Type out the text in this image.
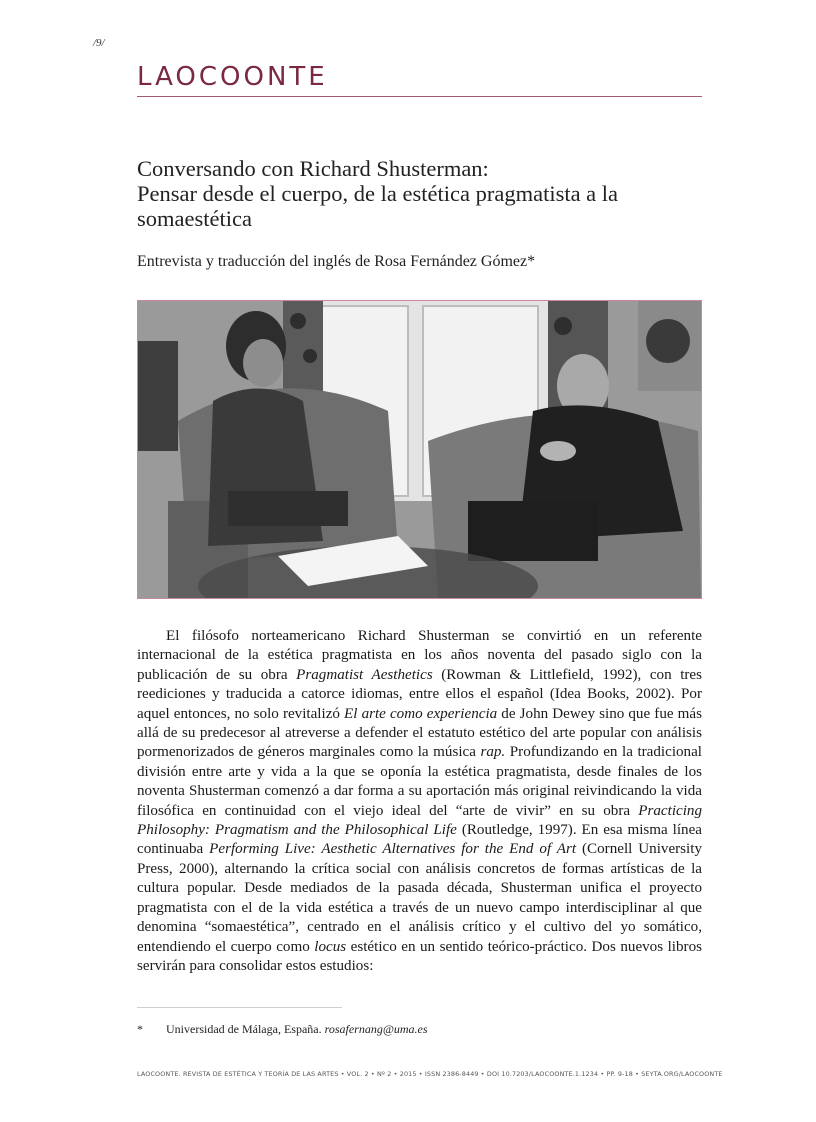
/9/
LAOCOONTE
Conversando con Richard Shusterman:
Pensar desde el cuerpo, de la estética pragmatista a la
somaestética
Entrevista y traducción del inglés de Rosa Fernández Gómez*

El filósofo norteamericano Richard Shusterman se convirtió en un referente internacional de la estética pragmatista en los años noventa del pasado siglo con la publicación de su obra Pragmatist Aesthetics (Rowman & Littlefield, 1992), con tres reediciones y traducida a catorce idiomas, entre ellos el español (Idea Books, 2002). Por aquel entonces, no solo revitalizó El arte como experiencia de John Dewey sino que fue más allá de su predecesor al atreverse a defender el estatuto estético del arte popular con análisis pormenorizados de géneros marginales como la música rap. Profundizando en la tradicional división entre arte y vida a la que se oponía la estética pragmatista, desde finales de los noventa Shusterman comenzó a dar forma a su aportación más original reivindicando la vida filosófica en continuidad con el viejo ideal del “arte de vivir” en su obra Practicing Philosophy: Pragmatism and the Philosophical Life (Routledge, 1997). En esa misma línea continuaba Performing Live: Aesthetic Alternatives for the End of Art (Cornell University Press, 2000), alternando la crítica social con análisis concretos de formas artísticas de la cultura popular. Desde mediados de la pasada década, Shusterman unifica el proyecto pragmatista con el de la vida estética a través de un nuevo campo interdisciplinar al que denomina “somaestética”, centrado en el análisis crítico y el cultivo del yo somático, entendiendo el cuerpo como locus estético en un sentido teórico-práctico. Dos nuevos libros servirán para consolidar estos estudios:

* Universidad de Málaga, España. rosafernang@uma.es
LAOCOONTE. REVISTA DE ESTÉTICA Y TEORÍA DE LAS ARTES • VOL. 2 • Nº 2 • 2015 • ISSN 2386-8449 • DOI 10.7203/LAOCOONTE.1.1234 • PP. 9-18 • SEYTA.ORG/LAOCOONTE
